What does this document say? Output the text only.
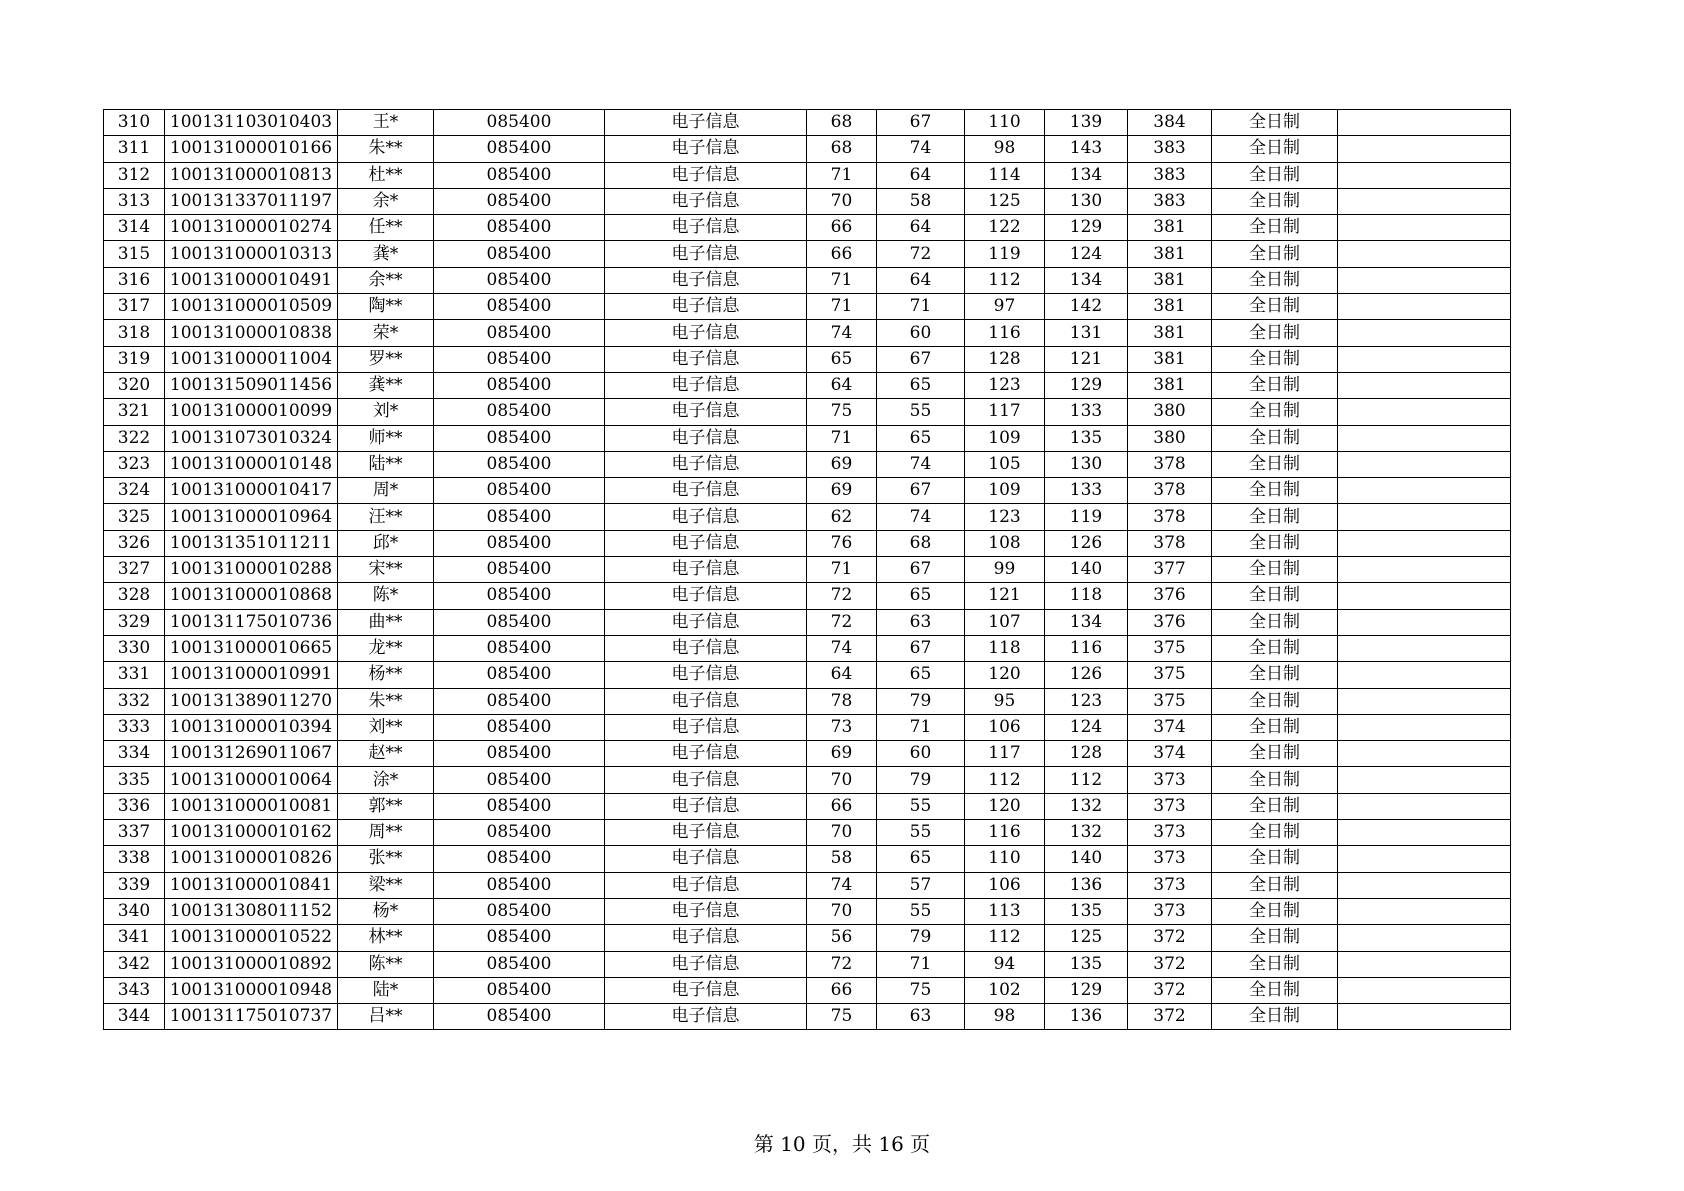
310	100131103010403	王*	085400	电子信息	68	67	110	139	384	全日制	
311	100131000010166	朱**	085400	电子信息	68	74	98	143	383	全日制	
312	100131000010813	杜**	085400	电子信息	71	64	114	134	383	全日制	
313	100131337011197	余*	085400	电子信息	70	58	125	130	383	全日制	
314	100131000010274	任**	085400	电子信息	66	64	122	129	381	全日制	
315	100131000010313	龚*	085400	电子信息	66	72	119	124	381	全日制	
316	100131000010491	余**	085400	电子信息	71	64	112	134	381	全日制	
317	100131000010509	陶**	085400	电子信息	71	71	97	142	381	全日制	
318	100131000010838	荣*	085400	电子信息	74	60	116	131	381	全日制	
319	100131000011004	罗**	085400	电子信息	65	67	128	121	381	全日制	
320	100131509011456	龚**	085400	电子信息	64	65	123	129	381	全日制	
321	100131000010099	刘*	085400	电子信息	75	55	117	133	380	全日制	
322	100131073010324	师**	085400	电子信息	71	65	109	135	380	全日制	
323	100131000010148	陆**	085400	电子信息	69	74	105	130	378	全日制	
324	100131000010417	周*	085400	电子信息	69	67	109	133	378	全日制	
325	100131000010964	汪**	085400	电子信息	62	74	123	119	378	全日制	
326	100131351011211	邱*	085400	电子信息	76	68	108	126	378	全日制	
327	100131000010288	宋**	085400	电子信息	71	67	99	140	377	全日制	
328	100131000010868	陈*	085400	电子信息	72	65	121	118	376	全日制	
329	100131175010736	曲**	085400	电子信息	72	63	107	134	376	全日制	
330	100131000010665	龙**	085400	电子信息	74	67	118	116	375	全日制	
331	100131000010991	杨**	085400	电子信息	64	65	120	126	375	全日制	
332	100131389011270	朱**	085400	电子信息	78	79	95	123	375	全日制	
333	100131000010394	刘**	085400	电子信息	73	71	106	124	374	全日制	
334	100131269011067	赵**	085400	电子信息	69	60	117	128	374	全日制	
335	100131000010064	涂*	085400	电子信息	70	79	112	112	373	全日制	
336	100131000010081	郭**	085400	电子信息	66	55	120	132	373	全日制	
337	100131000010162	周**	085400	电子信息	70	55	116	132	373	全日制	
338	100131000010826	张**	085400	电子信息	58	65	110	140	373	全日制	
339	100131000010841	梁**	085400	电子信息	74	57	106	136	373	全日制	
340	100131308011152	杨*	085400	电子信息	70	55	113	135	373	全日制	
341	100131000010522	林**	085400	电子信息	56	79	112	125	372	全日制	
342	100131000010892	陈**	085400	电子信息	72	71	94	135	372	全日制	
343	100131000010948	陆*	085400	电子信息	66	75	102	129	372	全日制	
344	100131175010737	吕**	085400	电子信息	75	63	98	136	372	全日制	
第 10 页，共 16 页
